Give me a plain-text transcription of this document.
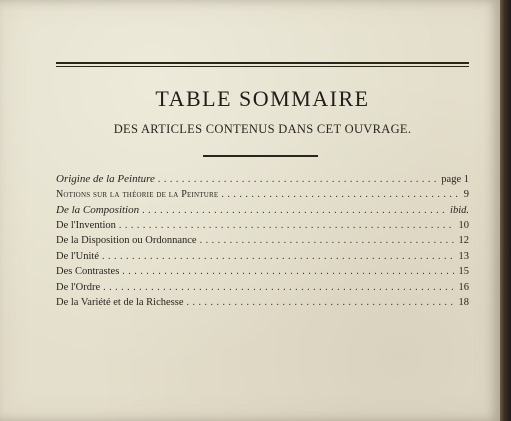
TABLE SOMMAIRE
DES ARTICLES CONTENUS DANS CET OUVRAGE.
Origine de la Peinture . . .	page 1
Notions sur la théorie de la Peinture . . .	9
De la Composition . . .	ibid.
De l'Invention . . .	10
De la Disposition ou Ordonnance . . .	12
De l'Unité . . .	13
Des Contrastes . . .	15
De l'Ordre . . .	16
De la Variété et de la Richesse . . .	18
